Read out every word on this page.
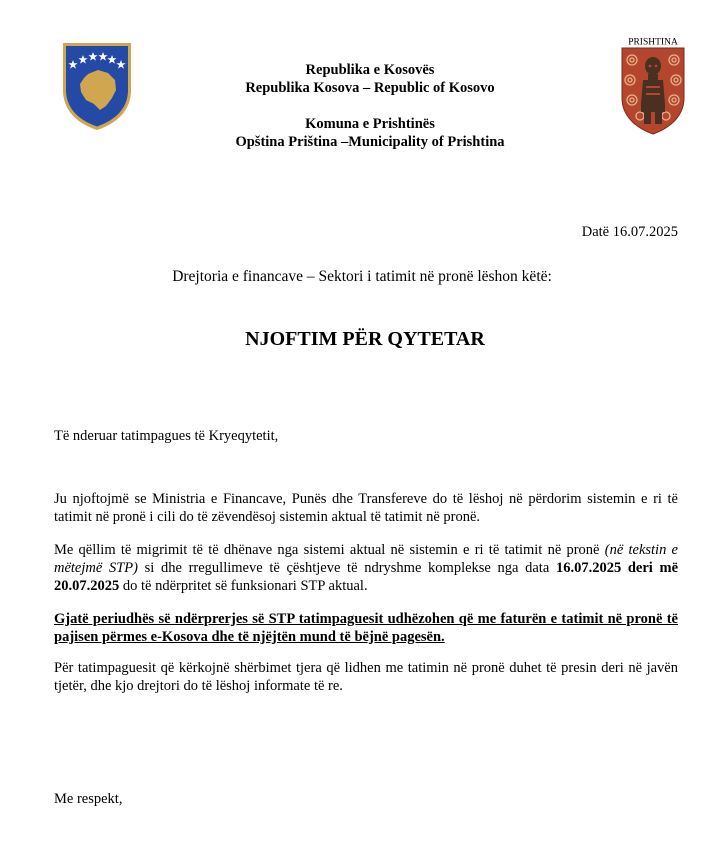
Republika e Kosovës
Republika Kosova – Republic of Kosovo
Komuna e Prishtinës
Opština Priština –Municipality of Prishtina
PRISHTINA
Datë 16.07.2025
Drejtoria e financave – Sektori i tatimit në pronë lëshon këtë:
NJOFTIM PËR QYTETAR
Të nderuar tatimpagues të Kryeqytetit,
Ju njoftojmë se Ministria e Financave, Punës dhe Transfereve do të lëshoj në përdorim sistemin e ri të tatimit në pronë i cili do të zëvendësoj sistemin aktual të tatimit në pronë.
Me qëllim të migrimit të të dhënave nga sistemi aktual në sistemin e ri të tatimit në pronë (në tekstin e mëtejmë STP) si dhe rregullimeve të çështjeve të ndryshme komplekse nga data 16.07.2025 deri më 20.07.2025 do të ndërpritet së funksionari STP aktual.
Gjatë periudhës së ndërprerjes së STP tatimpaguesit udhëzohen që me faturën e tatimit në pronë të pajisen përmes e-Kosova dhe të njëjtën mund të bëjnë pagesën.
Për tatimpaguesit që kërkojnë shërbimet tjera që lidhen me tatimin në pronë duhet të presin deri në javën tjetër, dhe kjo drejtori do të lëshoj informate të re.
Me respekt,
